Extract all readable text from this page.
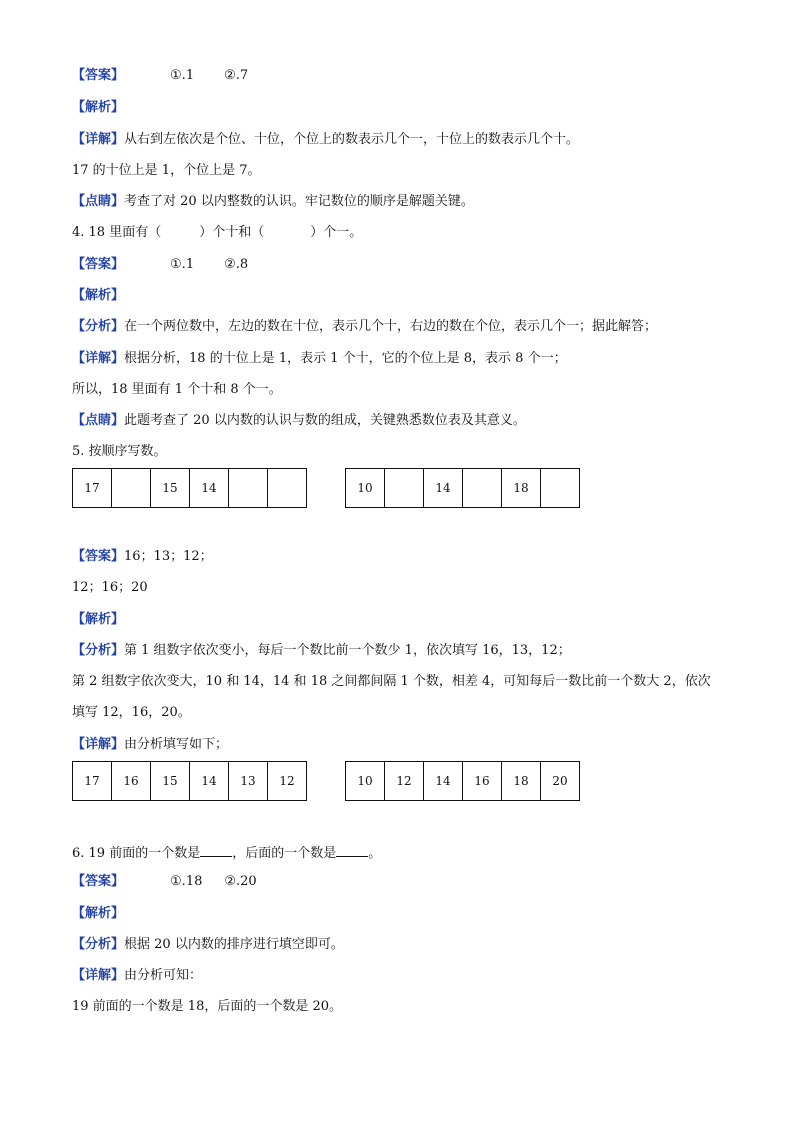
【答案】	①.1 ②.7
【解析】
【详解】从右到左依次是个位、十位，个位上的数表示几个一，十位上的数表示几个十。
17 的十位上是 1，个位上是 7。
【点睛】考查了对 20 以内整数的认识。牢记数位的顺序是解题关键。
4. 18 里面有（	）个十和（	）个一。
【答案】	①.1 ②.8
【解析】
【分析】在一个两位数中，左边的数在十位，表示几个十，右边的数在个位，表示几个一；据此解答；
【详解】根据分析，18 的十位上是 1，表示 1 个十，它的个位上是 8，表示 8 个一；
所以，18 里面有 1 个十和 8 个一。
【点睛】此题考查了 20 以内数的认识与数的组成，关键熟悉数位表及其意义。
5. 按顺序写数。
17		15	14			10		14		18	
【答案】16；13；12；
12；16；20
【解析】
【分析】第 1 组数字依次变小，每后一个数比前一个数少 1，依次填写 16，13，12；
第 2 组数字依次变大，10 和 14，14 和 18 之间都间隔 1 个数，相差 4，可知每后一数比前一个数大 2，依次
填写 12，16，20。
【详解】由分析填写如下；
17	16	15	14	13	12	10	12	14	16	18	20
6. 19 前面的一个数是 ，后面的一个数是 。
【答案】	①.18 ②.20
【解析】
【分析】根据 20 以内数的排序进行填空即可。
【详解】由分析可知：
19 前面的一个数是 18，后面的一个数是 20。
